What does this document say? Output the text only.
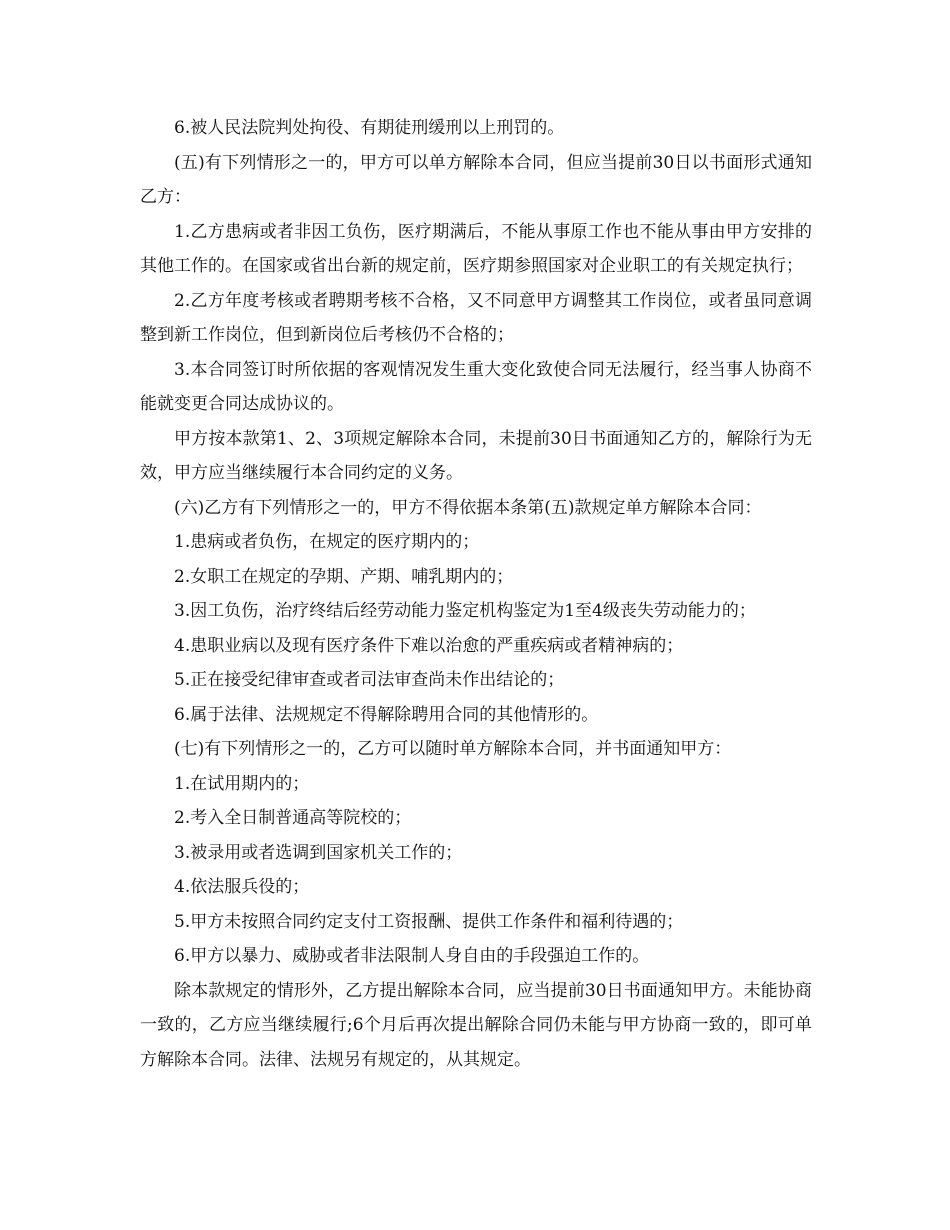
6.被人民法院判处拘役、有期徒刑缓刑以上刑罚的。

(五)有下列情形之一的，甲方可以单方解除本合同，但应当提前30日以书面形式通知乙方：

1.乙方患病或者非因工负伤，医疗期满后，不能从事原工作也不能从事由甲方安排的其他工作的。在国家或省出台新的规定前，医疗期参照国家对企业职工的有关规定执行；

2.乙方年度考核或者聘期考核不合格，又不同意甲方调整其工作岗位，或者虽同意调整到新工作岗位，但到新岗位后考核仍不合格的；

3.本合同签订时所依据的客观情况发生重大变化致使合同无法履行，经当事人协商不能就变更合同达成协议的。

甲方按本款第1、2、3项规定解除本合同，未提前30日书面通知乙方的，解除行为无效，甲方应当继续履行本合同约定的义务。

(六)乙方有下列情形之一的，甲方不得依据本条第(五)款规定单方解除本合同：

1.患病或者负伤，在规定的医疗期内的；

2.女职工在规定的孕期、产期、哺乳期内的；

3.因工负伤，治疗终结后经劳动能力鉴定机构鉴定为1至4级丧失劳动能力的；

4.患职业病以及现有医疗条件下难以治愈的严重疾病或者精神病的；

5.正在接受纪律审查或者司法审查尚未作出结论的；

6.属于法律、法规规定不得解除聘用合同的其他情形的。

(七)有下列情形之一的，乙方可以随时单方解除本合同，并书面通知甲方：

1.在试用期内的；

2.考入全日制普通高等院校的；

3.被录用或者选调到国家机关工作的；

4.依法服兵役的；

5.甲方未按照合同约定支付工资报酬、提供工作条件和福利待遇的；

6.甲方以暴力、威胁或者非法限制人身自由的手段强迫工作的。

除本款规定的情形外，乙方提出解除本合同，应当提前30日书面通知甲方。未能协商一致的，乙方应当继续履行;6个月后再次提出解除合同仍未能与甲方协商一致的，即可单方解除本合同。法律、法规另有规定的，从其规定。
